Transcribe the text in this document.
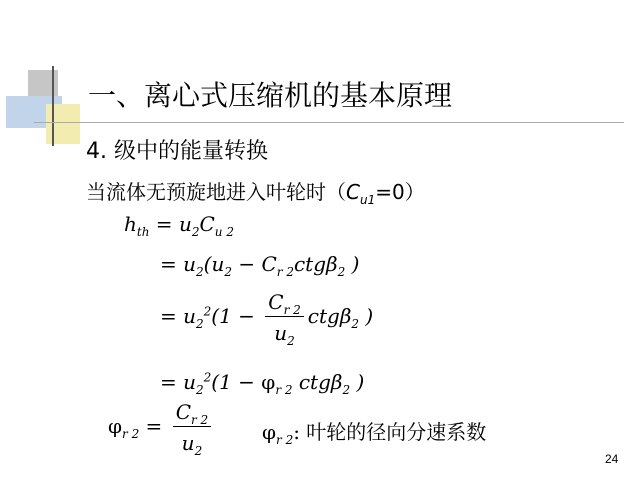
一、离心式压缩机的基本原理
4. 级中的能量转换
当流体无预旋地进入叶轮时$(C_{u1}=0)$
$h_{th} = u_2C_{u 2}$
= $u_2(u_2 - C_{r 2}ctg\beta_2$ )
= $u_2^2(1 - \frac{C_{r 2}}{u_2} ctg\beta_2$ )
= $u_2^2(1 - \varphi_{r 2}$ ctgβ$_2$ )
$\varphi_{r 2} = \frac{C_{r 2}}{u_2}$	$\varphi_{r 2}$: 叶轮的径向分速系数
24
